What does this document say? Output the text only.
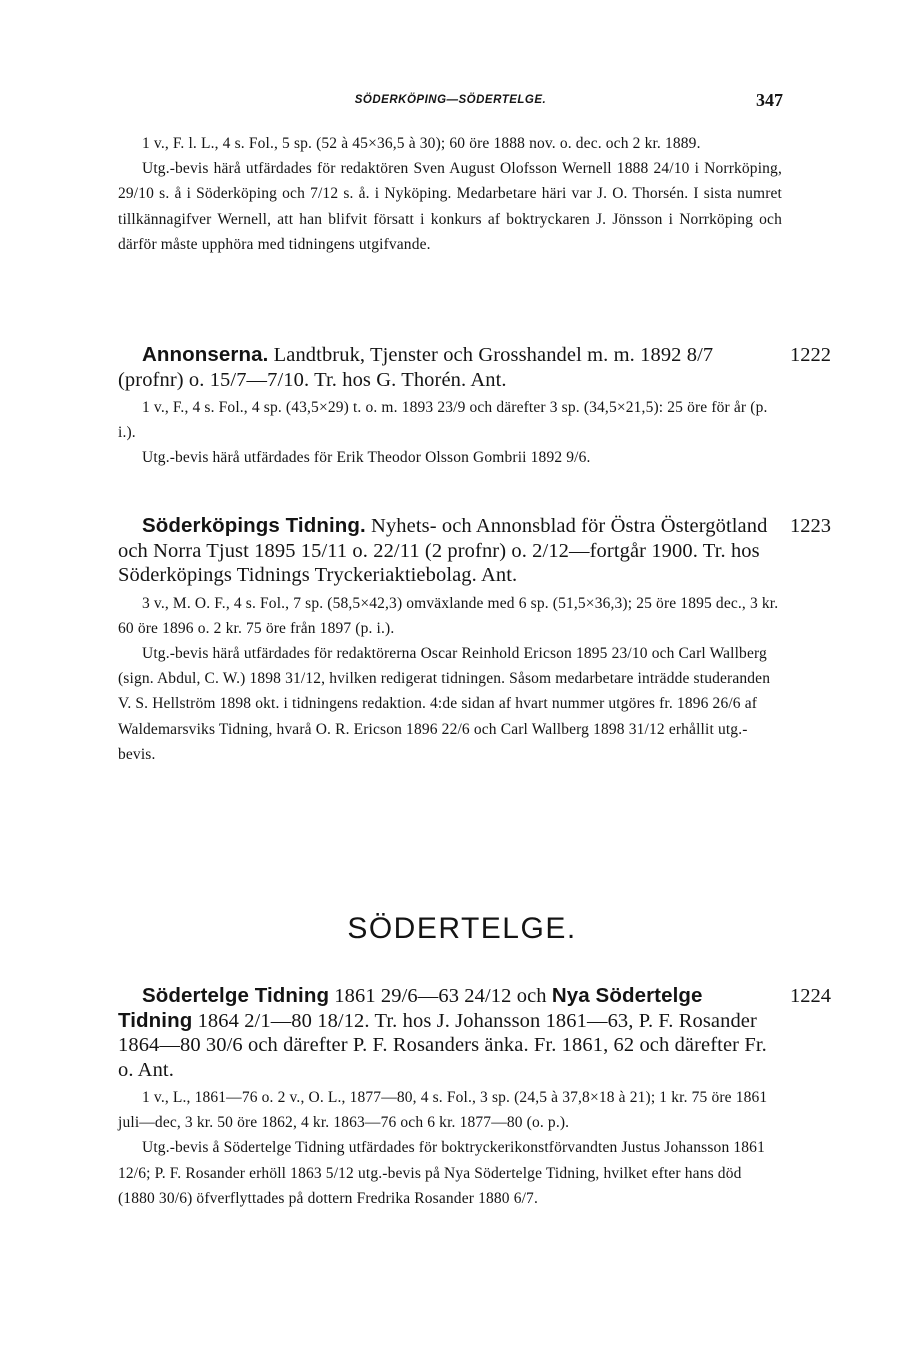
SÖDERKÖPING—SÖDERTELGE.	347

1 v., F. l. L., 4 s. Fol., 5 sp. (52 à 45×36,5 à 30); 60 öre 1888 nov. o. dec. och 2 kr. 1889.

Utg.-bevis härå utfärdades för redaktören Sven August Olofsson Wernell 1888 24/10 i Norrköping, 29/10 s. å i Söderköping och 7/12 s. å. i Nyköping. Medarbetare häri var J. O. Thorsén. I sista numret tillkännagifver Wernell, att han blifvit försatt i konkurs af boktryckaren J. Jönsson i Norrköping och därför måste upphöra med tidningens utgifvande.

1222

Annonserna. Landtbruk, Tjenster och Grosshandel m. m. 1892 8/7 (profnr) o. 15/7—7/10. Tr. hos G. Thorén. Ant.

1 v., F., 4 s. Fol., 4 sp. (43,5×29) t. o. m. 1893 23/9 och därefter 3 sp. (34,5×21,5): 25 öre för år (p. i.).

Utg.-bevis härå utfärdades för Erik Theodor Olsson Gombrii 1892 9/6.

1223

Söderköpings Tidning. Nyhets- och Annonsblad för Östra Östergötland och Norra Tjust 1895 15/11 o. 22/11 (2 profnr) o. 2/12—fortgår 1900. Tr. hos Söderköpings Tidnings Tryckeriaktiebolag. Ant.

3 v., M. O. F., 4 s. Fol., 7 sp. (58,5×42,3) omväxlande med 6 sp. (51,5×36,3); 25 öre 1895 dec., 3 kr. 60 öre 1896 o. 2 kr. 75 öre från 1897 (p. i.).

Utg.-bevis härå utfärdades för redaktörerna Oscar Reinhold Ericson 1895 23/10 och Carl Wallberg (sign. Abdul, C. W.) 1898 31/12, hvilken redigerat tidningen. Såsom medarbetare inträdde studeranden V. S. Hellström 1898 okt. i tidningens redaktion. 4:de sidan af hvart nummer utgöres fr. 1896 26/6 af Waldemarsviks Tidning, hvarå O. R. Ericson 1896 22/6 och Carl Wallberg 1898 31/12 erhållit utg.-bevis.

SÖDERTELGE.
1224

Södertelge Tidning 1861 29/6—63 24/12 och Nya Södertelge Tidning 1864 2/1—80 18/12. Tr. hos J. Johansson 1861—63, P. F. Rosander 1864—80 30/6 och därefter P. F. Rosanders änka. Fr. 1861, 62 och därefter Fr. o. Ant.

1 v., L., 1861—76 o. 2 v., O. L., 1877—80, 4 s. Fol., 3 sp. (24,5 à 37,8×18 à 21); 1 kr. 75 öre 1861 juli—dec, 3 kr. 50 öre 1862, 4 kr. 1863—76 och 6 kr. 1877—80 (o. p.).

Utg.-bevis å Södertelge Tidning utfärdades för boktryckerikonstförvandten Justus Johansson 1861 12/6; P. F. Rosander erhöll 1863 5/12 utg.-bevis på Nya Södertelge Tidning, hvilket efter hans död (1880 30/6) öfverflyttades på dottern Fredrika Rosander 1880 6/7.
